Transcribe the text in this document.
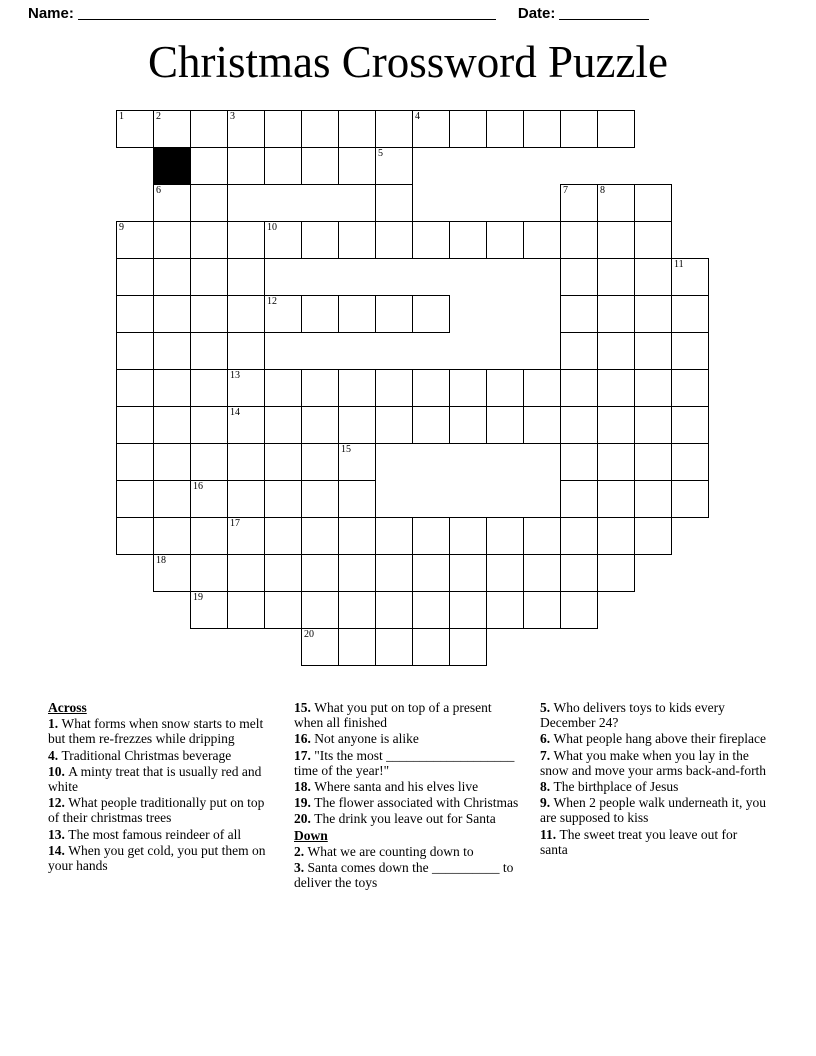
Name:	Date:
Christmas Crossword Puzzle
1	2	3	4
5
6	7	8
9	10
11
12
13
14
15
16
17
18
19
20
Across

1. What forms when snow starts to melt but them re-frezzes while dripping

4. Traditional Christmas beverage

10. A minty treat that is usually red and white

12. What people traditionally put on top of their christmas trees

13. The most famous reindeer of all

14. When you get cold, you put them on your hands

15. What you put on top of a present when all finished

16. Not anyone is alike

17. "Its the most ___________________ time of the year!"

18. Where santa and his elves live

19. The flower associated with Christmas

20. The drink you leave out for Santa

Down

2. What we are counting down to

3. Santa comes down the __________ to deliver the toys

5. Who delivers toys to kids every December 24?

6. What people hang above their fireplace

7. What you make when you lay in the snow and move your arms back-and-forth

8. The birthplace of Jesus

9. When 2 people walk underneath it, you are supposed to kiss

11. The sweet treat you leave out for santa
